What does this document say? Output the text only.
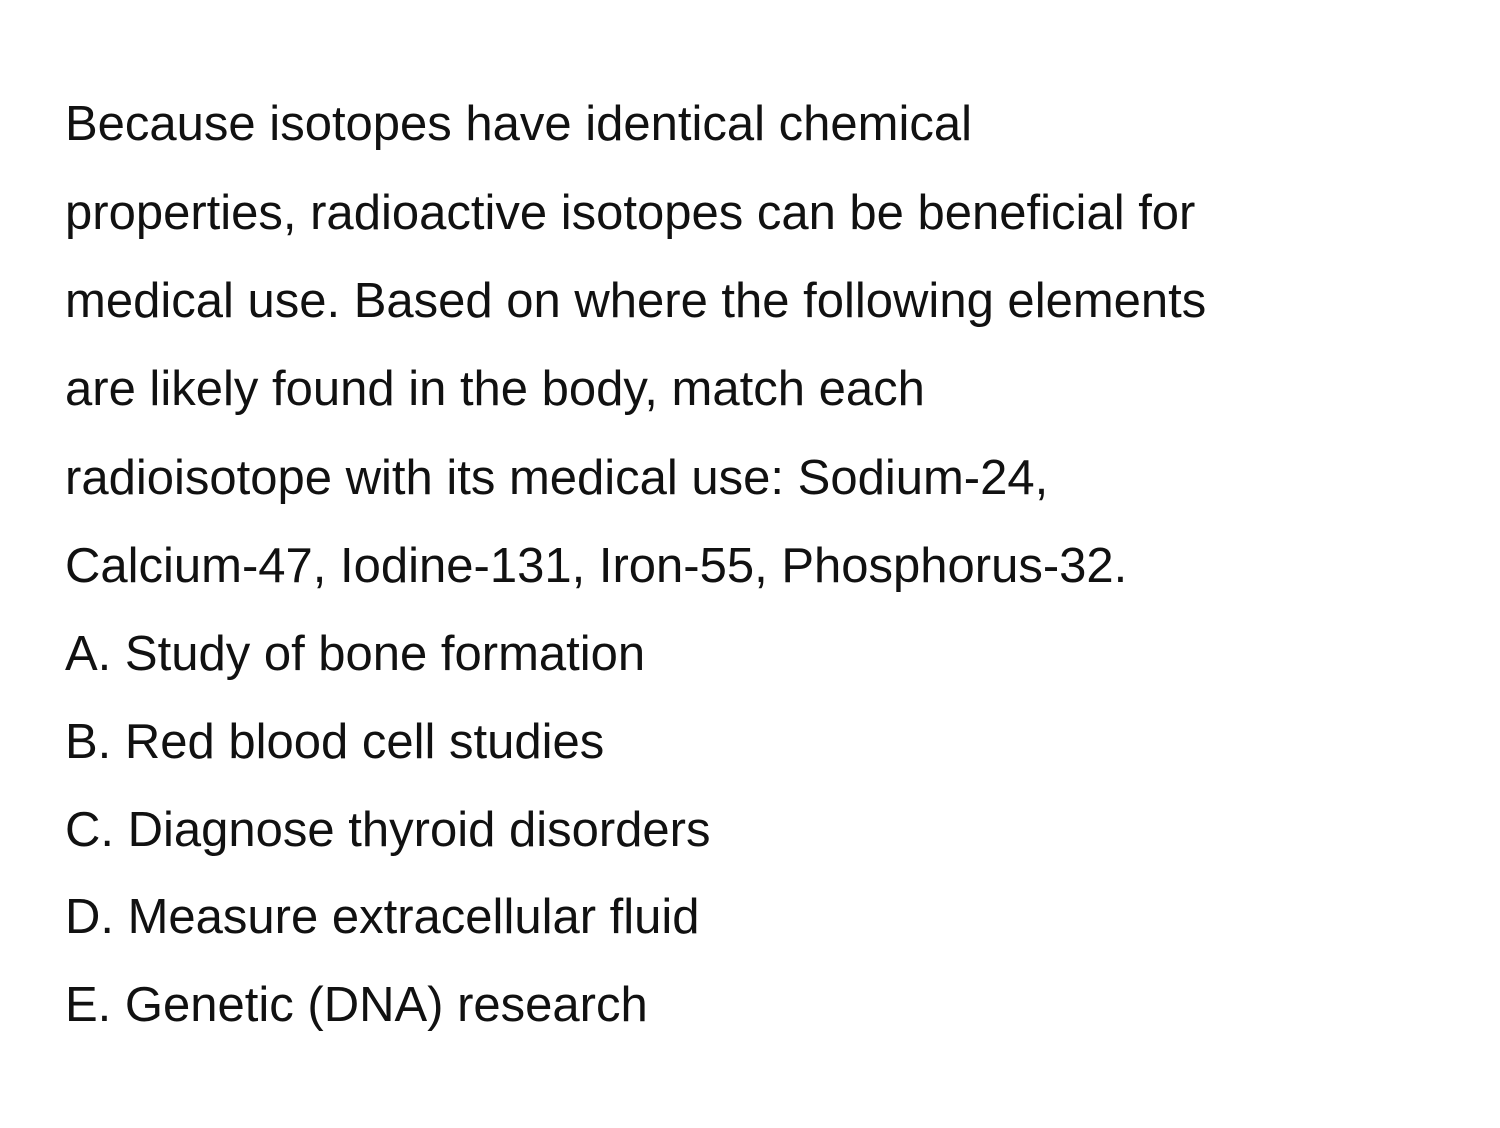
Because isotopes have identical chemical
properties, radioactive isotopes can be beneficial for
medical use. Based on where the following elements
are likely found in the body, match each
radioisotope with its medical use: Sodium-24,
Calcium-47, Iodine-131, Iron-55, Phosphorus-32.
A. Study of bone formation
B. Red blood cell studies
C. Diagnose thyroid disorders
D. Measure extracellular fluid
E. Genetic (DNA) research
